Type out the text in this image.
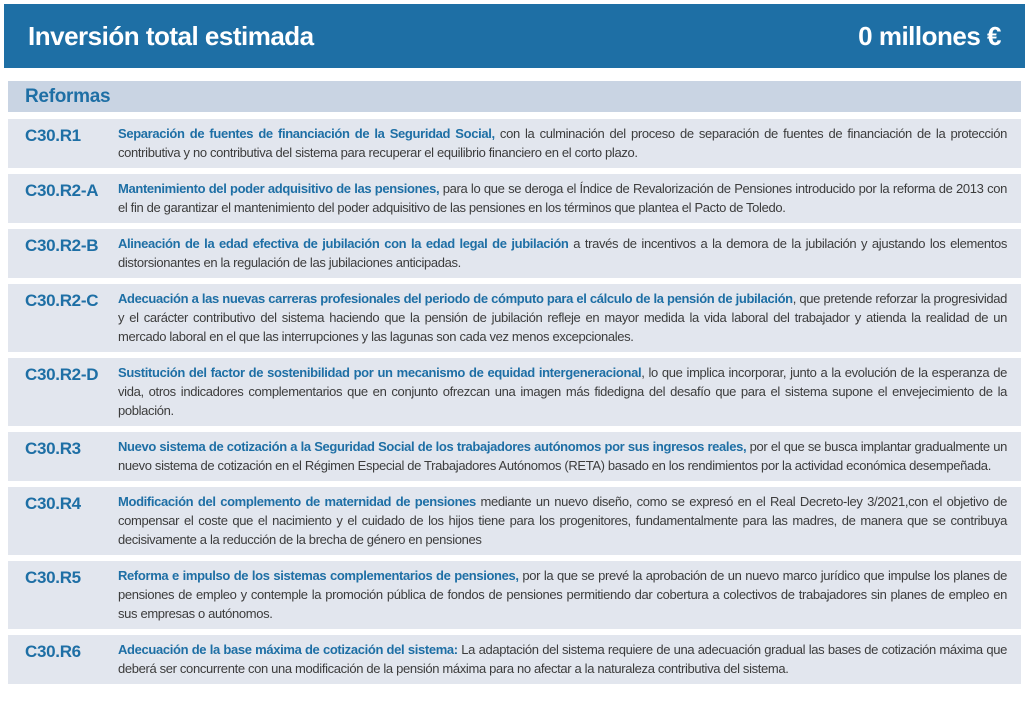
Inversión total estimada	0 millones €
Reformas
C30.R1	Separación de fuentes de financiación de la Seguridad Social, con la culminación del proceso de separación de fuentes de financiación de la protección contributiva y no contributiva del sistema para recuperar el equilibrio financiero en el corto plazo.

C30.R2-A	Mantenimiento del poder adquisitivo de las pensiones, para lo que se deroga el Índice de Revalorización de Pensiones introducido por la reforma de 2013 con el fin de garantizar el mantenimiento del poder adquisitivo de las pensiones en los términos que plantea el Pacto de Toledo.

C30.R2-B	Alineación de la edad efectiva de jubilación con la edad legal de jubilación a través de incentivos a la demora de la jubilación y ajustando los elementos distorsionantes en la regulación de las jubilaciones anticipadas.

C30.R2-C	Adecuación a las nuevas carreras profesionales del periodo de cómputo para el cálculo de la pensión de jubilación, que pretende reforzar la progresividad y el carácter contributivo del sistema haciendo que la pensión de jubilación refleje en mayor medida la vida laboral del trabajador y atienda la realidad de un mercado laboral en el que las interrupciones y las lagunas son cada vez menos excepcionales.

C30.R2-D	Sustitución del factor de sostenibilidad por un mecanismo de equidad intergeneracional, lo que implica incorporar, junto a la evolución de la esperanza de vida, otros indicadores complementarios que en conjunto ofrezcan una imagen más fidedigna del desafío que para el sistema supone el envejecimiento de la población.

C30.R3	Nuevo sistema de cotización a la Seguridad Social de los trabajadores autónomos por sus ingresos reales, por el que se busca implantar gradualmente un nuevo sistema de cotización en el Régimen Especial de Trabajadores Autónomos (RETA) basado en los rendimientos por la actividad económica desempeñada.

C30.R4	Modificación del complemento de maternidad de pensiones mediante un nuevo diseño, como se expresó en el Real Decreto-ley 3/2021,con el objetivo de compensar el coste que el nacimiento y el cuidado de los hijos tiene para los progenitores, fundamentalmente para las madres, de manera que se contribuya decisivamente a la reducción de la brecha de género en pensiones

C30.R5	Reforma e impulso de los sistemas complementarios de pensiones, por la que se prevé la aprobación de un nuevo marco jurídico que impulse los planes de pensiones de empleo y contemple la promoción pública de fondos de pensiones permitiendo dar cobertura a colectivos de trabajadores sin planes de empleo en sus empresas o autónomos.

C30.R6	Adecuación de la base máxima de cotización del sistema: La adaptación del sistema requiere de una adecuación gradual las bases de cotización máxima que deberá ser concurrente con una modificación de la pensión máxima para no afectar a la naturaleza contributiva del sistema.
